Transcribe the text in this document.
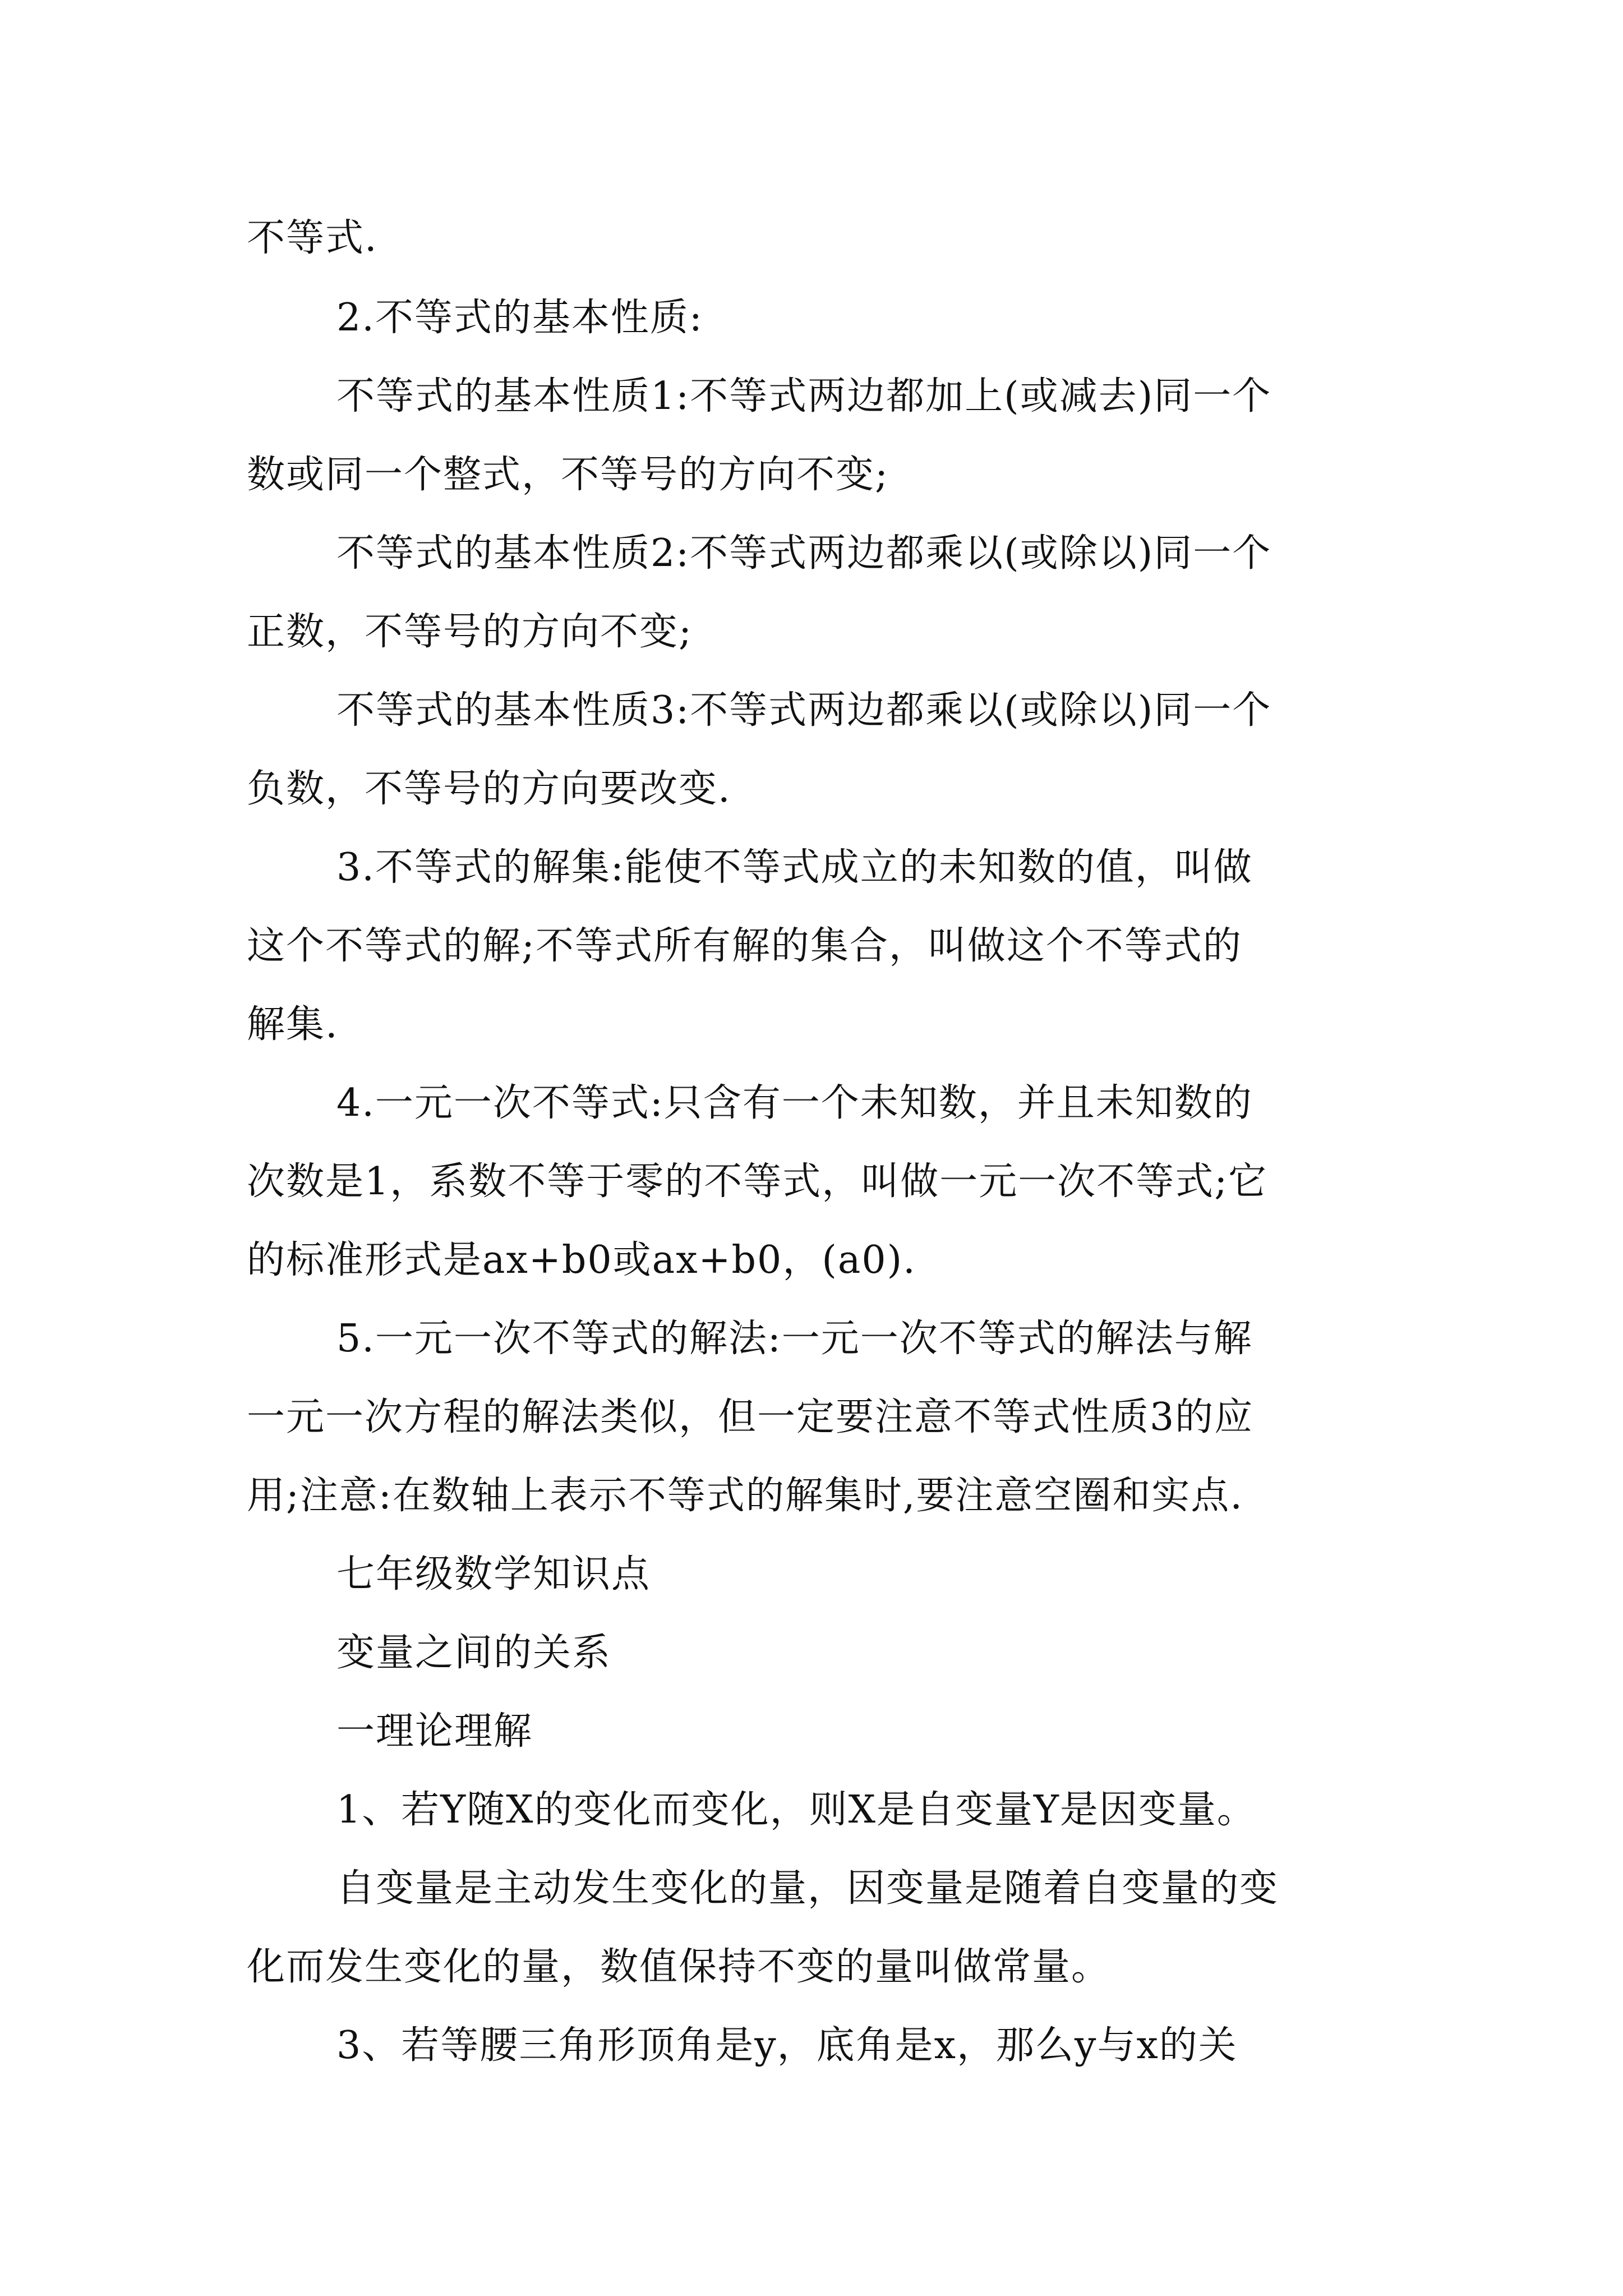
不等式.
2.不等式的基本性质:
不等式的基本性质1:不等式两边都加上(或减去)同一个
数或同一个整式，不等号的方向不变;
不等式的基本性质2:不等式两边都乘以(或除以)同一个
正数，不等号的方向不变;
不等式的基本性质3:不等式两边都乘以(或除以)同一个
负数，不等号的方向要改变.
3.不等式的解集:能使不等式成立的未知数的值，叫做
这个不等式的解;不等式所有解的集合，叫做这个不等式的
解集.
4.一元一次不等式:只含有一个未知数，并且未知数的
次数是1，系数不等于零的不等式，叫做一元一次不等式;它
的标准形式是ax+b0或ax+b0，(a0).
5.一元一次不等式的解法:一元一次不等式的解法与解
一元一次方程的解法类似，但一定要注意不等式性质3的应
用;注意:在数轴上表示不等式的解集时,要注意空圈和实点.
七年级数学知识点
变量之间的关系
一理论理解
1、若Y随X的变化而变化，则X是自变量Y是因变量。
自变量是主动发生变化的量，因变量是随着自变量的变
化而发生变化的量，数值保持不变的量叫做常量。
3、若等腰三角形顶角是y，底角是x，那么y与x的关
